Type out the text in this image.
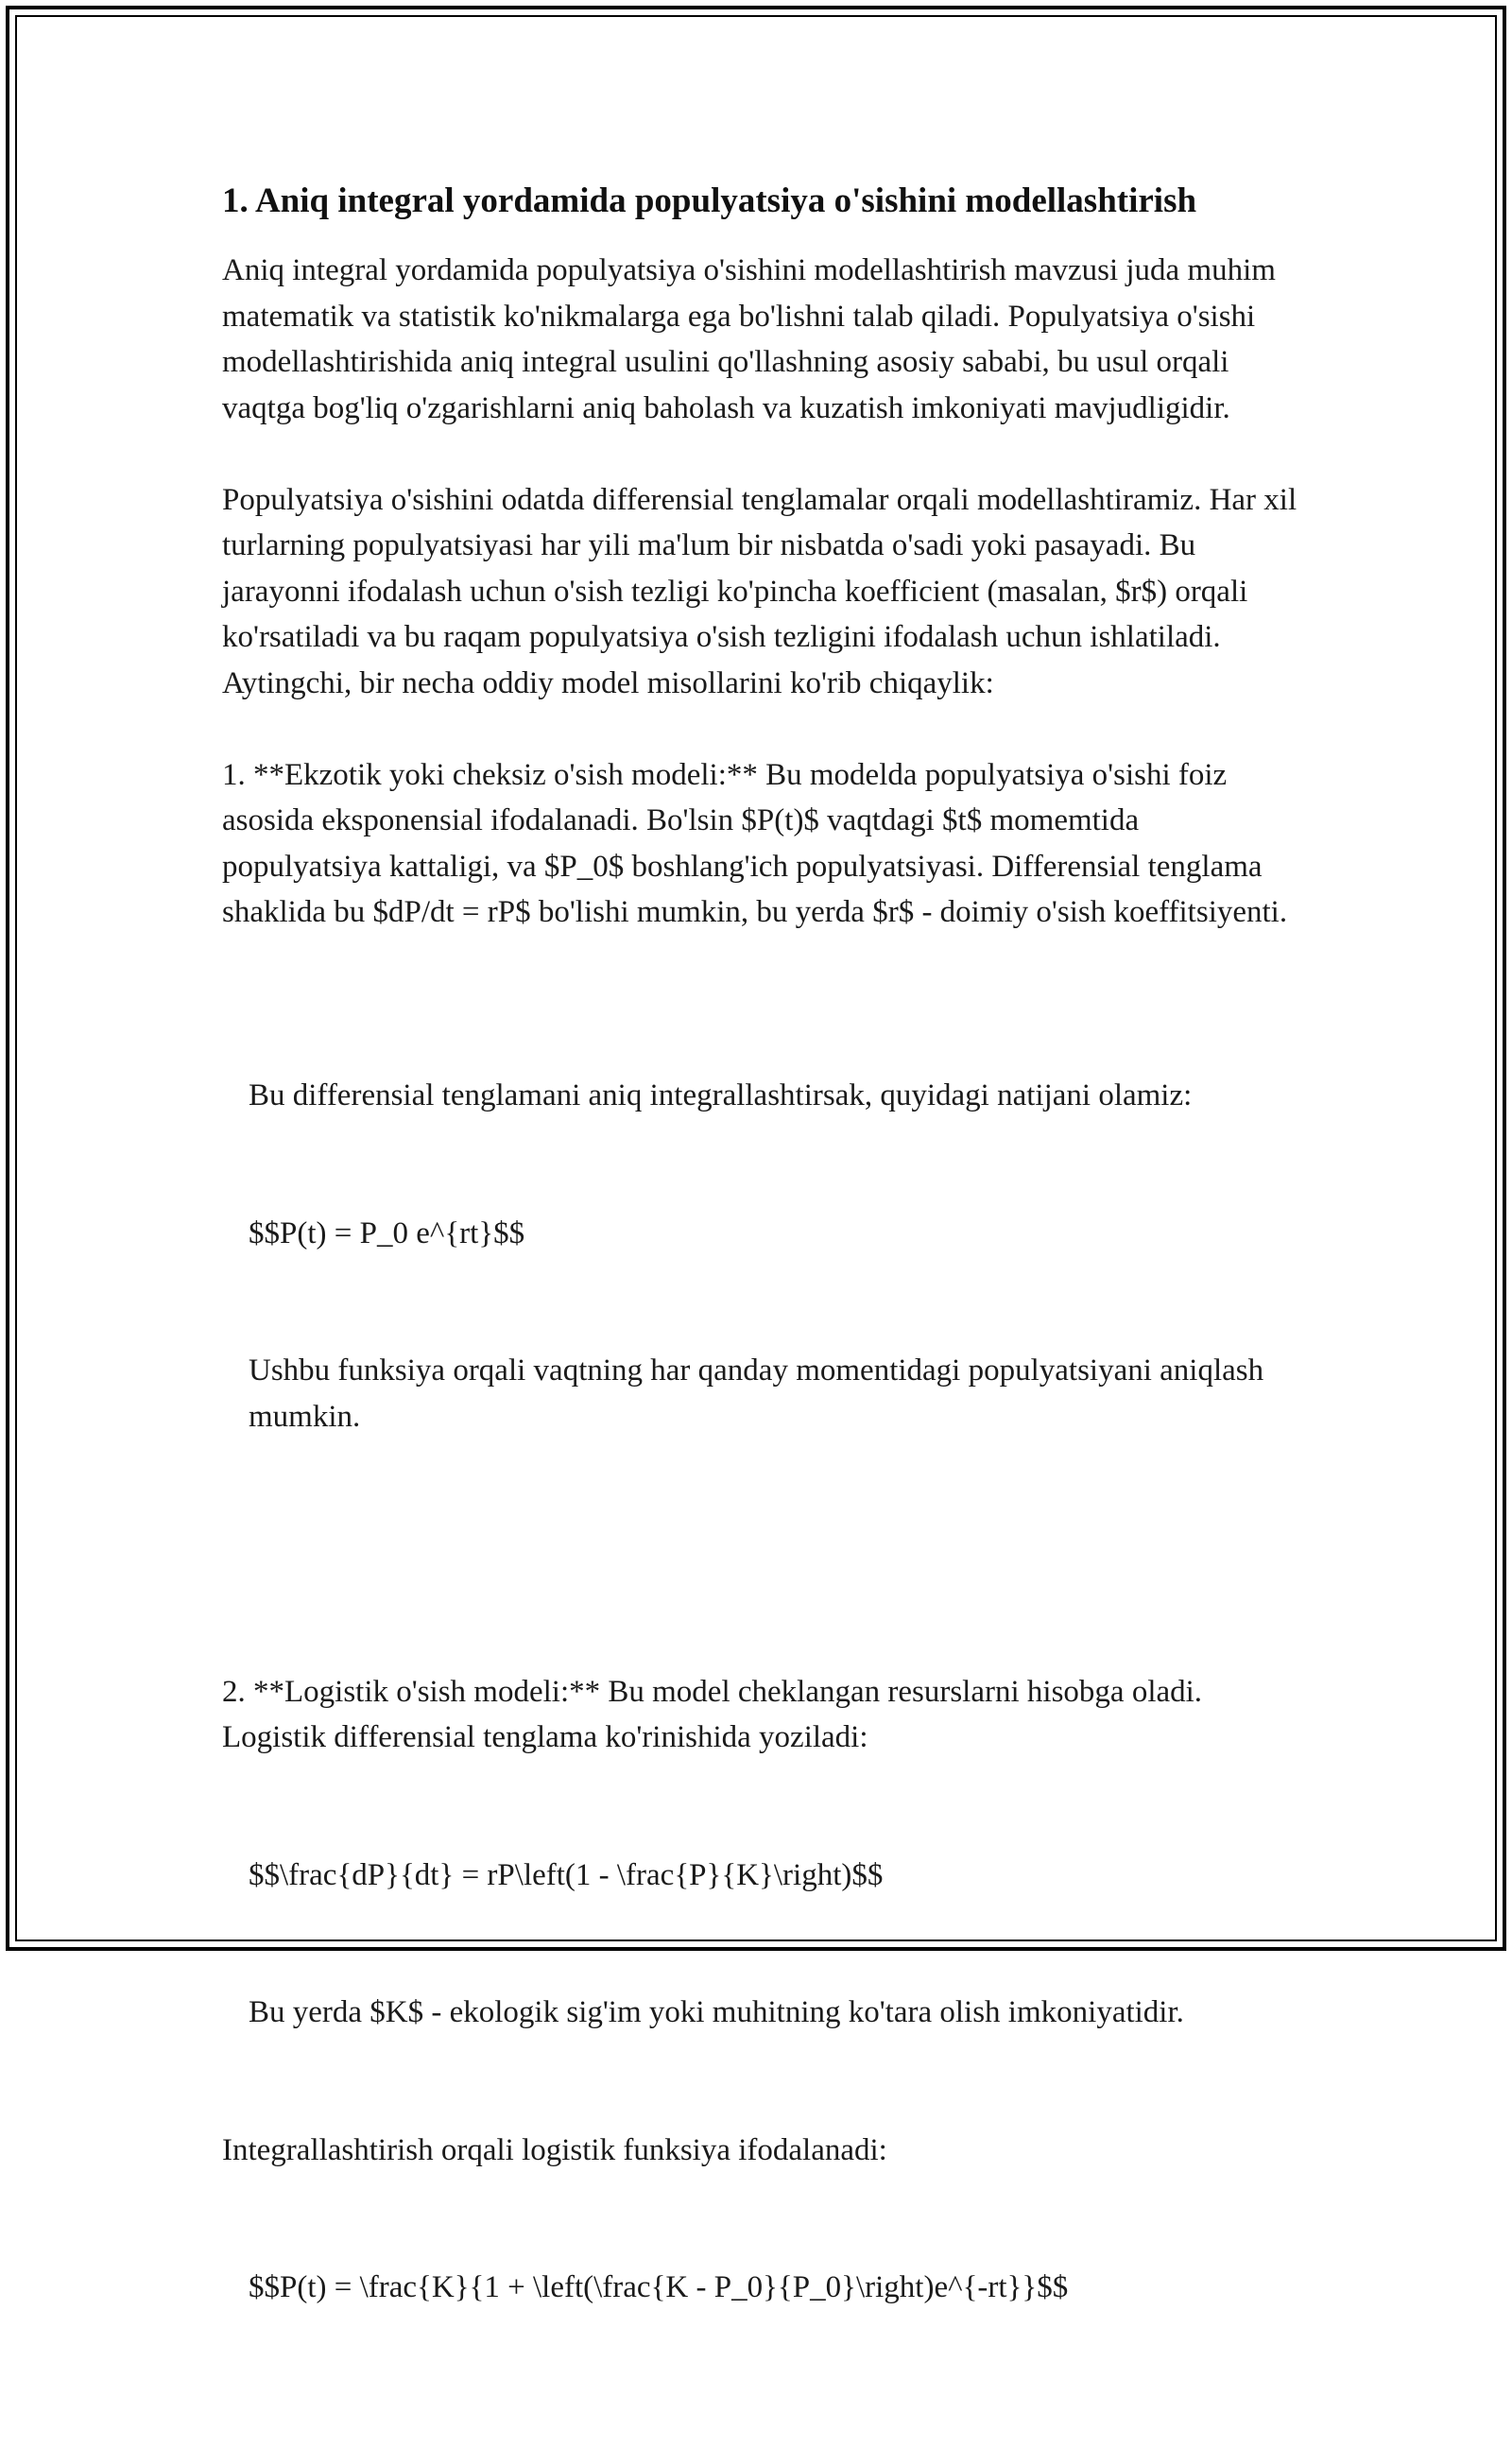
1. Aniq integral yordamida populyatsiya o'sishini modellashtirish

Aniq integral yordamida populyatsiya o'sishini modellashtirish mavzusi juda muhim matematik va statistik ko'nikmalarga ega bo'lishni talab qiladi. Populyatsiya o'sishi modellashtirishida aniq integral usulini qo'llashning asosiy sababi, bu usul orqali vaqtga bog'liq o'zgarishlarni aniq baholash va kuzatish imkoniyati mavjudligidir.

Populyatsiya o'sishini odatda differensial tenglamalar orqali modellashtiramiz. Har xil turlarning populyatsiyasi har yili ma'lum bir nisbatda o'sadi yoki pasayadi. Bu jarayonni ifodalash uchun o'sish tezligi ko'pincha koefficient (masalan, $r$) orqali ko'rsatiladi va bu raqam populyatsiya o'sish tezligini ifodalash uchun ishlatiladi. Aytingchi, bir necha oddiy model misollarini ko'rib chiqaylik:

1. **Ekzotik yoki cheksiz o'sish modeli:** Bu modelda populyatsiya o'sishi foiz asosida eksponensial ifodalanadi. Bo'lsin $P(t)$ vaqtdagi $t$ momemtida populyatsiya kattaligi, va $P_0$ boshlang'ich populyatsiyasi. Differensial tenglama shaklida bu $dP/dt = rP$ bo'lishi mumkin, bu yerda $r$ - doimiy o'sish koeffitsiyenti.

Bu differensial tenglamani aniq integrallashtirsak, quyidagi natijani olamiz:

$$P(t) = P_0 e^{rt}$$

Ushbu funksiya orqali vaqtning har qanday momentidagi populyatsiyani aniqlash mumkin.

2. **Logistik o'sish modeli:** Bu model cheklangan resurslarni hisobga oladi. Logistik differensial tenglama ko'rinishida yoziladi:

$$\frac{dP}{dt} = rP\left(1 - \frac{P}{K}\right)$$

Bu yerda $K$ - ekologik sig'im yoki muhitning ko'tara olish imkoniyatidir.

Integrallashtirish orqali logistik funksiya ifodalanadi:

$$P(t) = \frac{K}{1 + \left(\frac{K - P_0}{P_0}\right)e^{-rt}}$$
